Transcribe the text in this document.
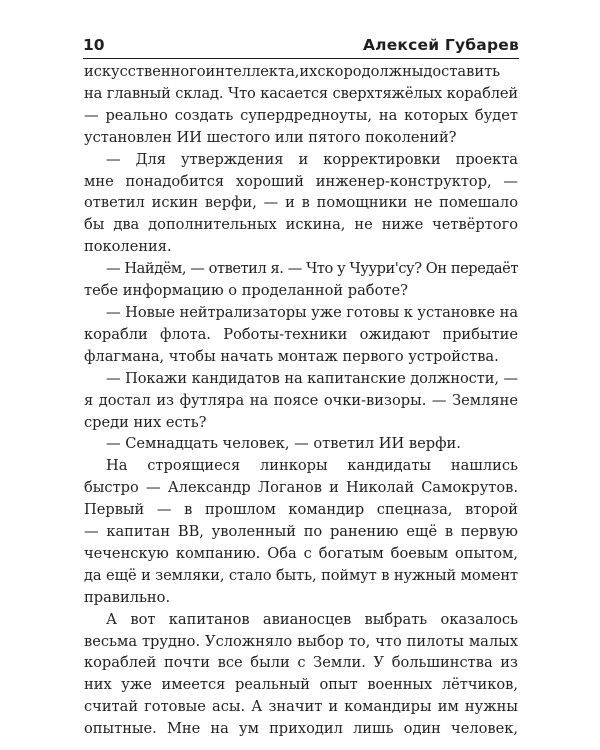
10	Алексей Губарев
искусственногоинтеллекта,ихскородолжныдоставить
на главный склад. Что касается сверхтяжёлых кораблей
— реально создать супердредноуты, на которых будет
установлен ИИ шестого или пятого поколений?
— Для утверждения и корректировки проекта
мне понадобится хороший инженер-конструктор, —
ответил искин верфи, — и в помощники не помешало
бы два дополнительных искина, не ниже четвёртого
поколения.
— Найдём, — ответил я. — Что у Чуури'су? Он передаёт
тебе информацию о проделанной работе?
— Новые нейтрализаторы уже готовы к установке на
корабли флота. Роботы-техники ожидают прибытие
флагмана, чтобы начать монтаж первого устройства.
— Покажи кандидатов на капитанские должности, —
я достал из футляра на поясе очки-визоры. — Земляне
среди них есть?
— Семнадцать человек, — ответил ИИ верфи.
На строящиеся линкоры кандидаты нашлись
быстро — Александр Логанов и Николай Самокрутов.
Первый — в прошлом командир спецназа, второй
— капитан ВВ, уволенный по ранению ещё в первую
чеченскую компанию. Оба с богатым боевым опытом,
да ещё и земляки, стало быть, поймут в нужный момент
правильно.
А вот капитанов авианосцев выбрать оказалось
весьма трудно. Усложняло выбор то, что пилоты малых
кораблей почти все были с Земли. У большинства из
них уже имеется реальный опыт военных лётчиков,
считай готовые асы. А значит и командиры им нужны
опытные. Мне на ум приходил лишь один человек,
